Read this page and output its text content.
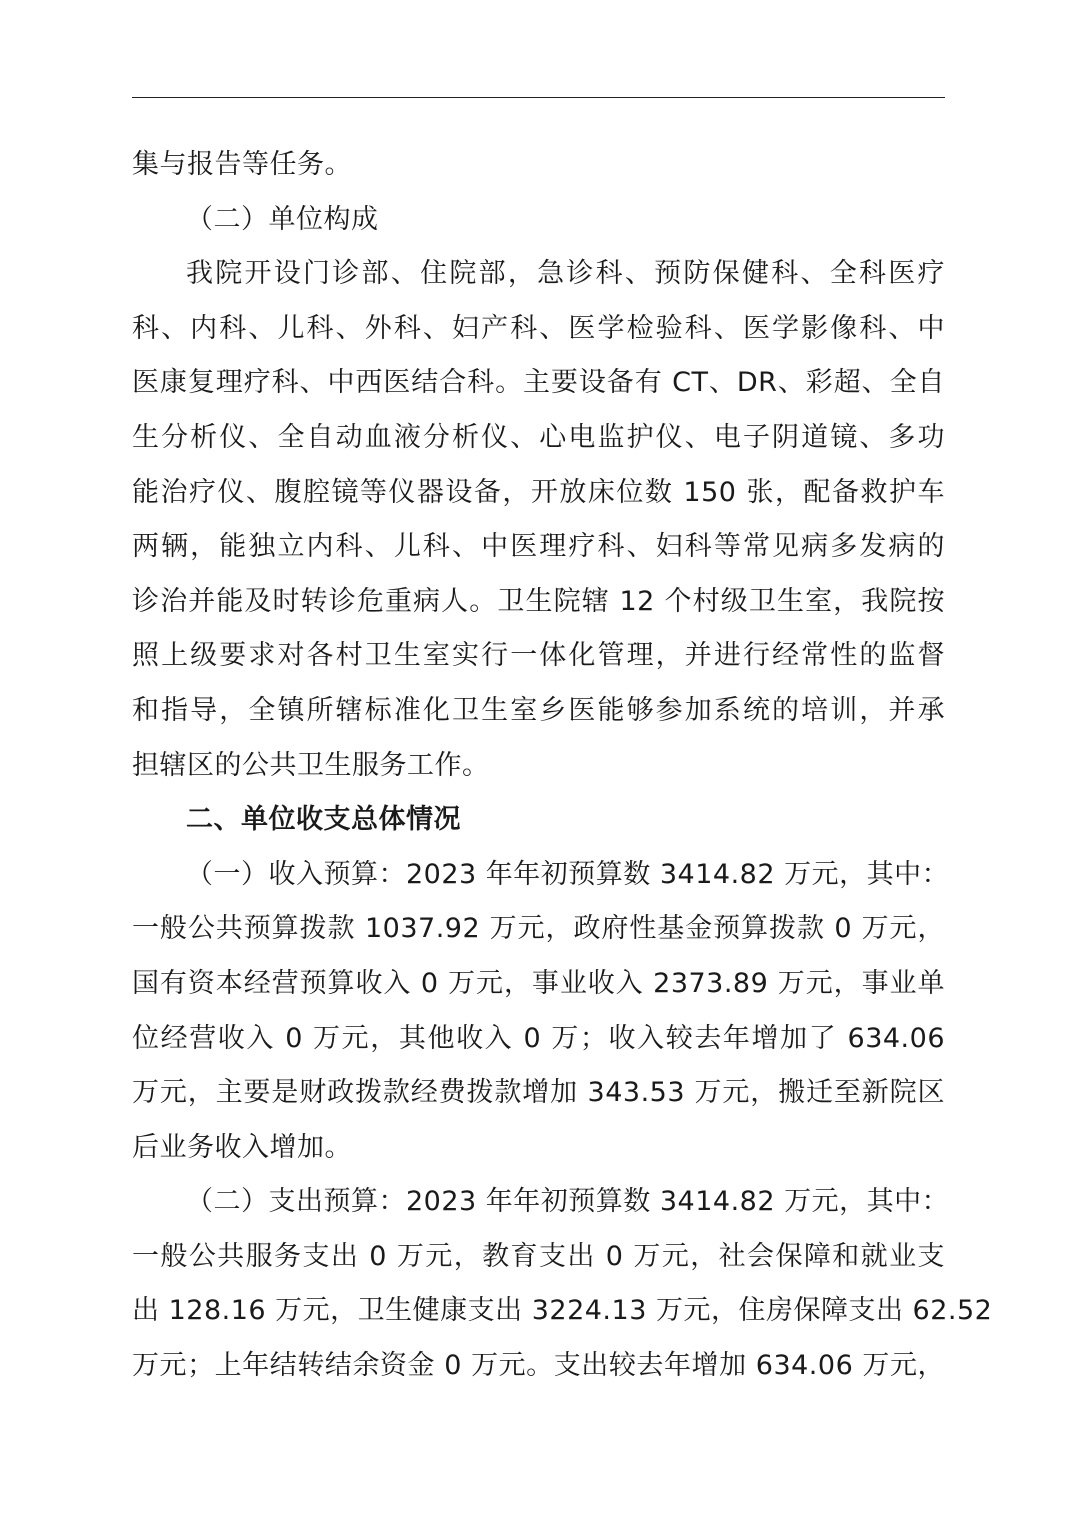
集与报告等任务。
（二）单位构成
我院开设门诊部、住院部，急诊科、预防保健科、全科医疗
科、内科、儿科、外科、妇产科、医学检验科、医学影像科、中
医康复理疗科、中西医结合科。主要设备有 CT、DR、彩超、全自
生分析仪、全自动血液分析仪、心电监护仪、电子阴道镜、多功
能治疗仪、腹腔镜等仪器设备，开放床位数 150 张，配备救护车
两辆，能独立内科、儿科、中医理疗科、妇科等常见病多发病的
诊治并能及时转诊危重病人。卫生院辖 12 个村级卫生室，我院按
照上级要求对各村卫生室实行一体化管理，并进行经常性的监督
和指导，全镇所辖标准化卫生室乡医能够参加系统的培训，并承
担辖区的公共卫生服务工作。
二、单位收支总体情况
（一）收入预算：2023 年年初预算数 3414.82 万元，其中：
一般公共预算拨款 1037.92 万元，政府性基金预算拨款 0 万元，
国有资本经营预算收入 0 万元，事业收入 2373.89 万元，事业单
位经营收入 0 万元，其他收入 0 万；收入较去年增加了 634.06
万元，主要是财政拨款经费拨款增加 343.53 万元，搬迁至新院区
后业务收入增加。
（二）支出预算：2023 年年初预算数 3414.82 万元，其中：
一般公共服务支出 0 万元，教育支出 0 万元，社会保障和就业支
出 128.16 万元，卫生健康支出 3224.13 万元，住房保障支出 62.52
万元；上年结转结余资金 0 万元。支出较去年增加 634.06 万元，
